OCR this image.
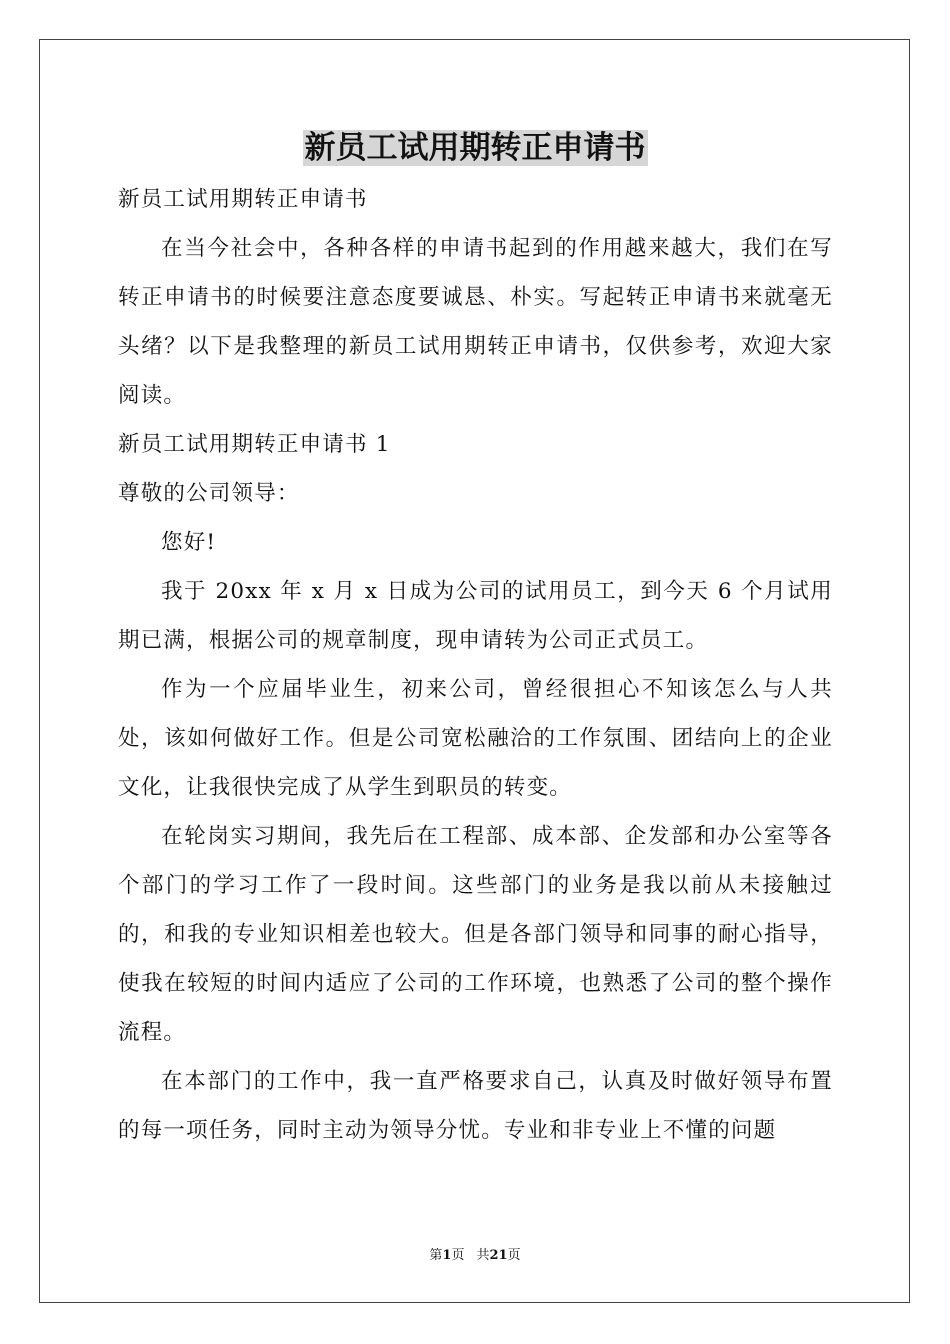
新员工试用期转正申请书

新员工试用期转正申请书

在当今社会中，各种各样的申请书起到的作用越来越大，我们在写转正申请书的时候要注意态度要诚恳、朴实。写起转正申请书来就毫无头绪？以下是我整理的新员工试用期转正申请书，仅供参考，欢迎大家阅读。

新员工试用期转正申请书 1

尊敬的公司领导：

您好!

我于 20xx 年 x 月 x 日成为公司的试用员工，到今天 6 个月试用期已满，根据公司的规章制度，现申请转为公司正式员工。

作为一个应届毕业生，初来公司，曾经很担心不知该怎么与人共处，该如何做好工作。但是公司宽松融洽的工作氛围、团结向上的企业文化，让我很快完成了从学生到职员的转变。

在轮岗实习期间，我先后在工程部、成本部、企发部和办公室等各个部门的学习工作了一段时间。这些部门的业务是我以前从未接触过的，和我的专业知识相差也较大。但是各部门领导和同事的耐心指导，使我在较短的时间内适应了公司的工作环境，也熟悉了公司的整个操作流程。

在本部门的工作中，我一直严格要求自己，认真及时做好领导布置的每一项任务，同时主动为领导分忧。专业和非专业上不懂的问题

第1页 共21页
